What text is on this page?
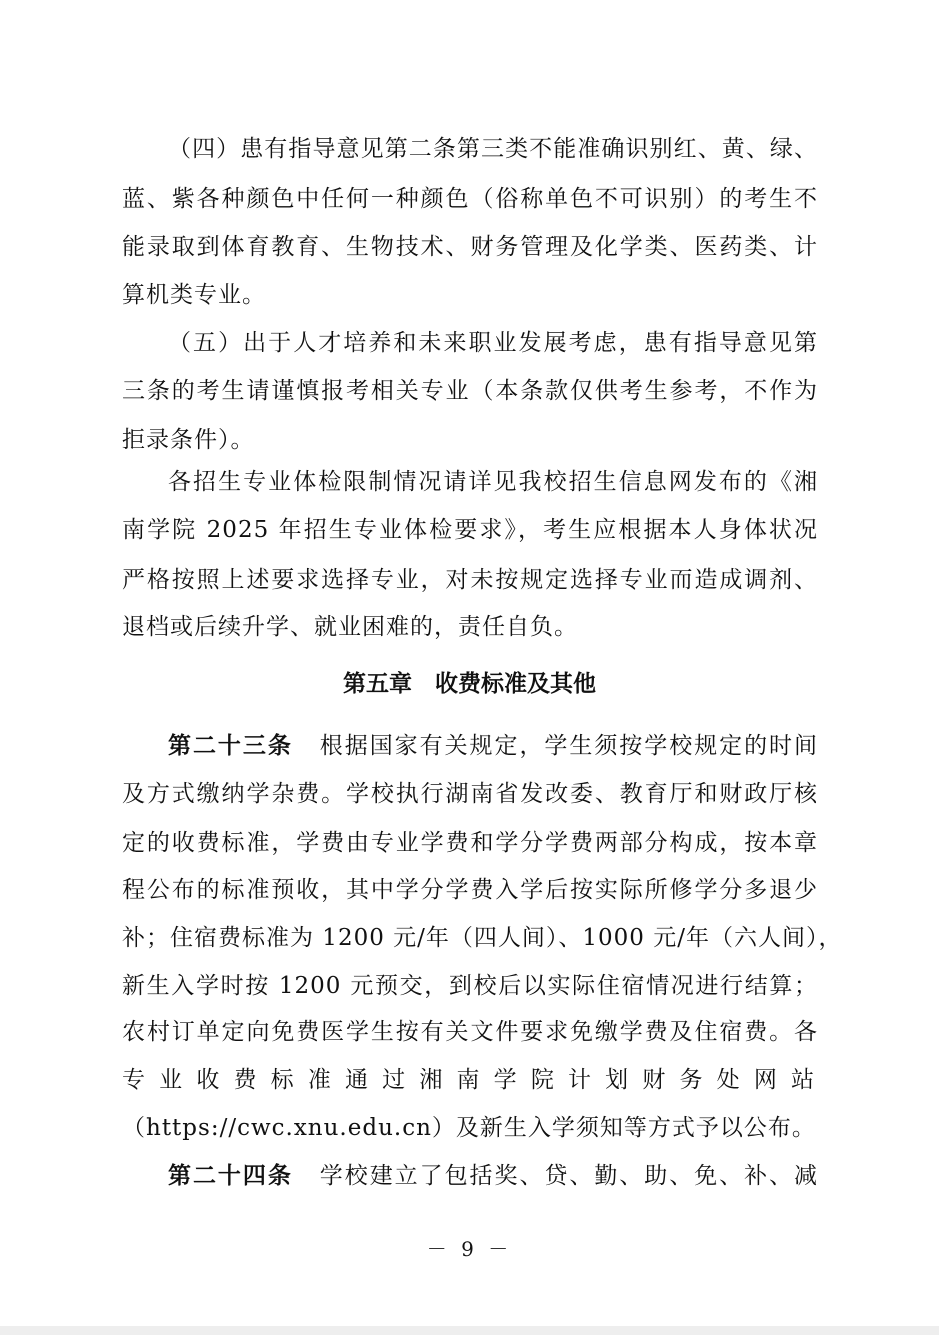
（四）患有指导意见第二条第三类不能准确识别红、黄、绿、
蓝、紫各种颜色中任何一种颜色（俗称单色不可识别）的考生不
能录取到体育教育、生物技术、财务管理及化学类、医药类、计
算机类专业。
（五）出于人才培养和未来职业发展考虑，患有指导意见第
三条的考生请谨慎报考相关专业（本条款仅供考生参考，不作为
拒录条件）。
各招生专业体检限制情况请详见我校招生信息网发布的《湘
南学院 2025 年招生专业体检要求》，考生应根据本人身体状况
严格按照上述要求选择专业，对未按规定选择专业而造成调剂、
退档或后续升学、就业困难的，责任自负。
第五章　收费标准及其他
第二十三条 根据国家有关规定，学生须按学校规定的时间
及方式缴纳学杂费。学校执行湖南省发改委、教育厅和财政厅核
定的收费标准，学费由专业学费和学分学费两部分构成，按本章
程公布的标准预收，其中学分学费入学后按实际所修学分多退少
补；住宿费标准为 1200 元/年（四人间）、1000 元/年（六人间），
新生入学时按 1200 元预交，到校后以实际住宿情况进行结算；
农村订单定向免费医学生按有关文件要求免缴学费及住宿费。各
专业收费标准通过湘南学院计划财务处网站
（https://cwc.xnu.edu.cn）及新生入学须知等方式予以公布。
第二十四条 学校建立了包括奖、贷、勤、助、免、补、减
－ 9 －
